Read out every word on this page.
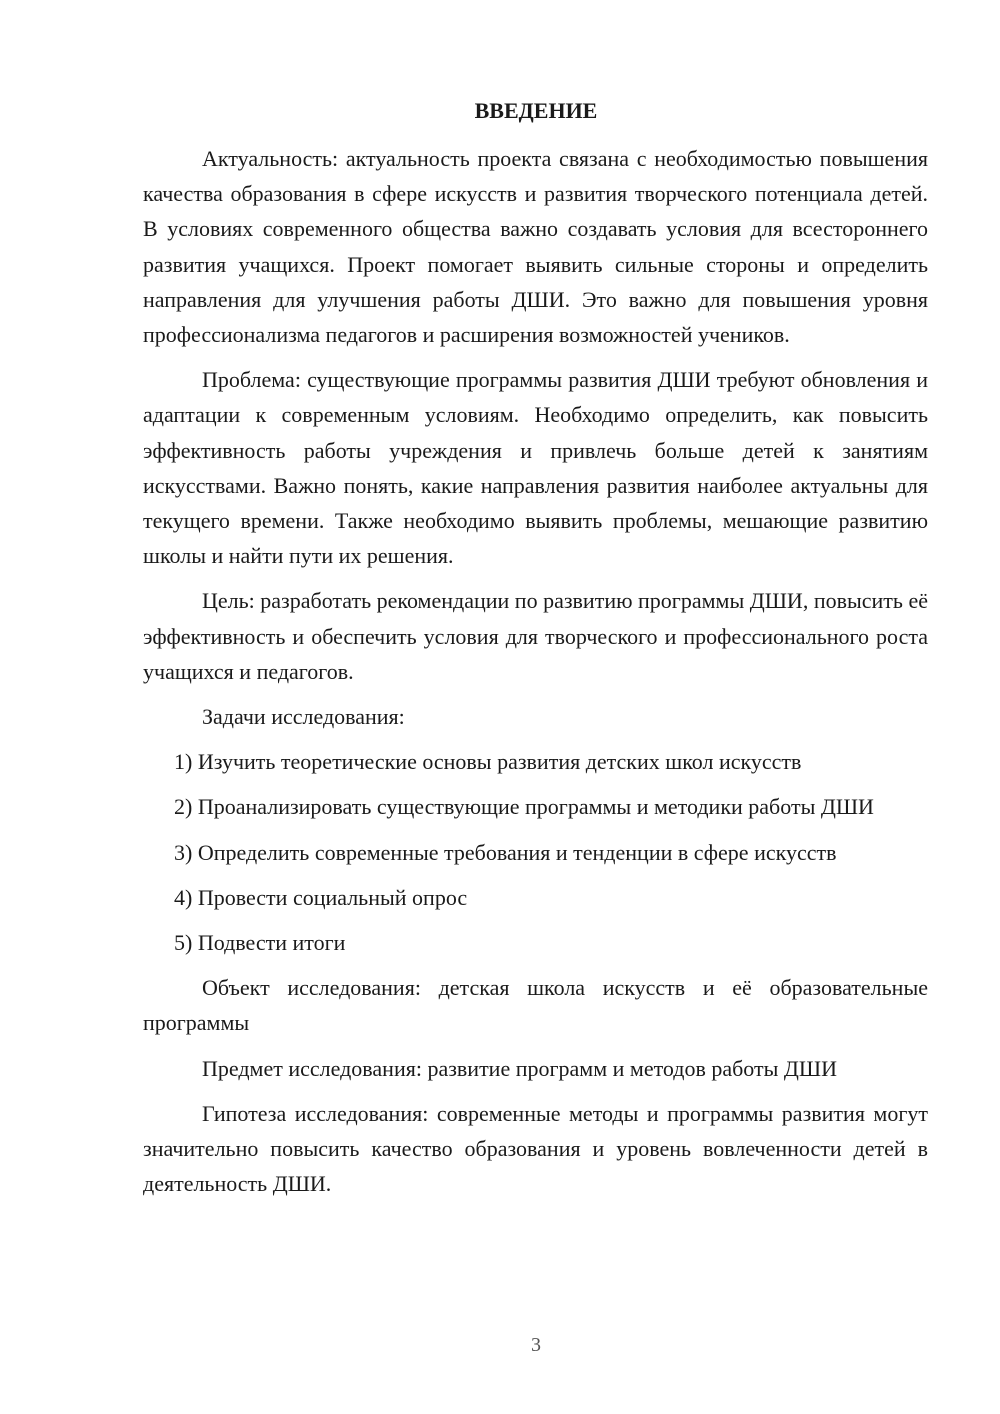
ВВЕДЕНИЕ

Актуальность: актуальность проекта связана с необходимостью повышения качества образования в сфере искусств и развития творческого потенциала детей. В условиях современного общества важно создавать условия для всестороннего развития учащихся. Проект помогает выявить сильные стороны и определить направления для улучшения работы ДШИ. Это важно для повышения уровня профессионализма педагогов и расширения возможностей учеников.

Проблема: существующие программы развития ДШИ требуют обновления и адаптации к современным условиям. Необходимо определить, как повысить эффективность работы учреждения и привлечь больше детей к занятиям искусствами. Важно понять, какие направления развития наиболее актуальны для текущего времени. Также необходимо выявить проблемы, мешающие развитию школы и найти пути их решения.

Цель: разработать рекомендации по развитию программы ДШИ, повысить её эффективность и обеспечить условия для творческого и профессионального роста учащихся и педагогов.

Задачи исследования:

1) Изучить теоретические основы развития детских школ искусств

2) Проанализировать существующие программы и методики работы ДШИ

3) Определить современные требования и тенденции в сфере искусств

4) Провести социальный опрос

5) Подвести итоги

Объект исследования: детская школа искусств и её образовательные программы

Предмет исследования: развитие программ и методов работы ДШИ

Гипотеза исследования: современные методы и программы развития могут значительно повысить качество образования и уровень вовлеченности детей в деятельность ДШИ.

3
